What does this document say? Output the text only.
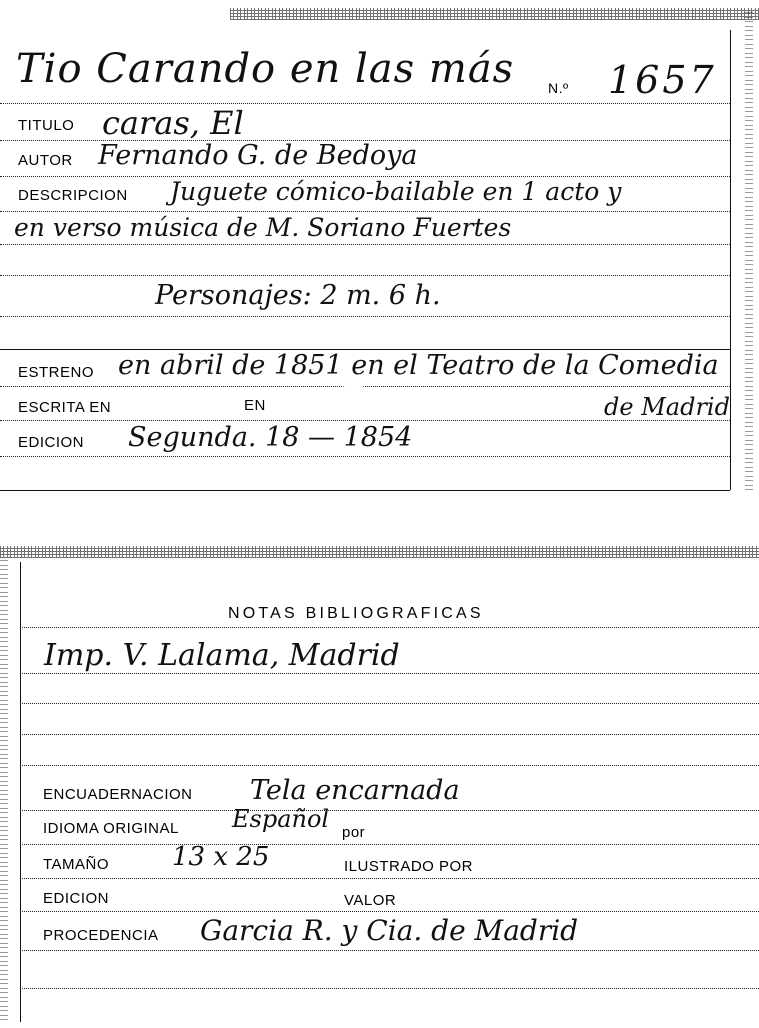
Tio Carando en las más N.º 1657
TITULO caras, El
AUTOR Fernando G. de Bedoya
DESCRIPCION Juguete cómico-bailable en 1 acto y
en verso música de M. Soriano Fuertes
Personajes: 2 m. 6 h.
ESTRENO en abril de 1851 en el Teatro de la Comedia
ESCRITA EN	EN	de Madrid
EDICION Segunda. 18 — 1854
NOTAS BIBLIOGRAFICAS
Imp. V. Lalama, Madrid
ENCUADERNACION Tela encarnada
IDIOMA ORIGINAL Español por
TAMAÑO 13 x 25	ILUSTRADO POR
EDICION	VALOR
PROCEDENCIA Garcia R. y Cia. de Madrid
